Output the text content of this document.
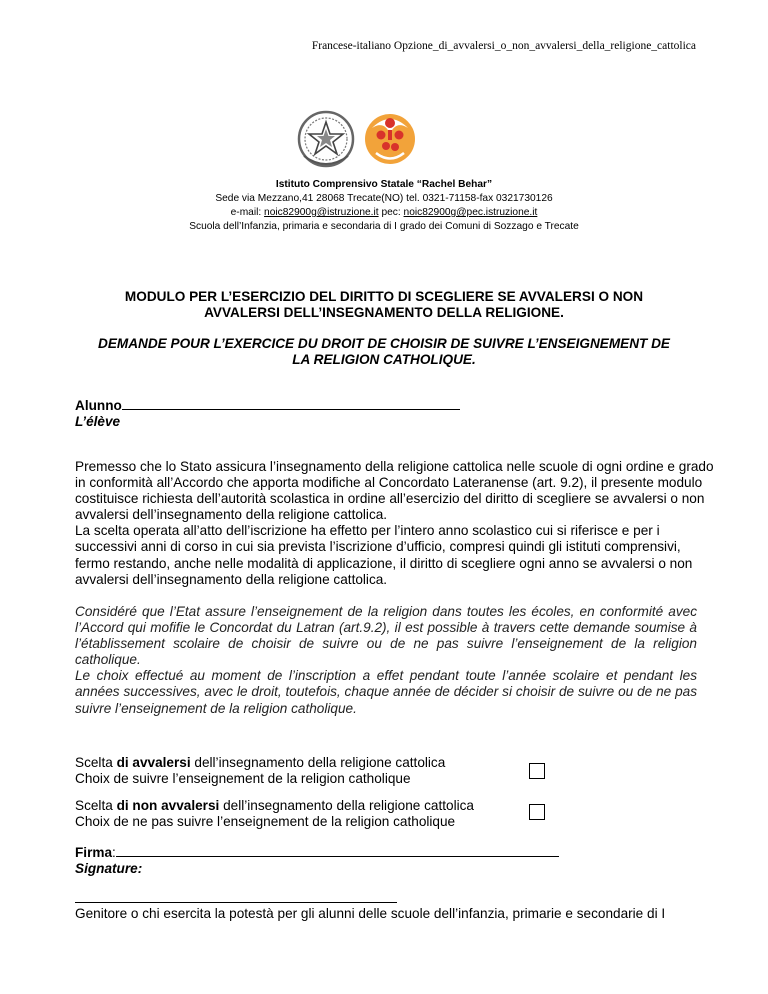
Francese-italiano Opzione_di_avvalersi_o_non_avvalersi_della_religione_cattolica
Istituto Comprensivo Statale “Rachel Behar”
Sede via Mezzano,41 28068 Trecate(NO) tel. 0321-71158-fax 0321730126
e-mail: noic82900g@istruzione.it pec: noic82900g@pec.istruzione.it
Scuola dell’Infanzia, primaria e secondaria di I grado dei Comuni di Sozzago e Trecate
MODULO PER L’ESERCIZIO DEL DIRITTO DI SCEGLIERE SE AVVALERSI O NON
AVVALERSI DELL’INSEGNAMENTO DELLA RELIGIONE.
DEMANDE POUR L’EXERCICE DU DROIT DE CHOISIR DE SUIVRE L’ENSEIGNEMENT DE
LA RELIGION CATHOLIQUE.
Alunno
L’élève

Premesso che lo Stato assicura l’insegnamento della religione cattolica nelle scuole di ogni ordine e grado in conformità all’Accordo che apporta modifiche al Concordato Lateranense (art. 9.2), il presente modulo costituisce richiesta dell’autorità scolastica in ordine all’esercizio del diritto di scegliere se avvalersi o non avvalersi dell’insegnamento della religione cattolica.

La scelta operata all’atto dell’iscrizione ha effetto per l’intero anno scolastico cui si riferisce e per i successivi anni di corso in cui sia prevista l’iscrizione d’ufficio, compresi quindi gli istituti comprensivi, fermo restando, anche nelle modalità di applicazione, il diritto di scegliere ogni anno se avvalersi o non avvalersi dell’insegnamento della religione cattolica.

Considéré que l’Etat assure l’enseignement de la religion dans toutes les écoles, en conformité avec l’Accord qui mofifie le Concordat du Latran (art.9.2), il est possible à travers cette demande soumise à l’établissement scolaire de choisir de suivre ou de ne pas suivre l’enseignement de la religion catholique.

Le choix effectué au moment de l’inscription a effet pendant toute l’année scolaire et pendant les années successives, avec le droit, toutefois, chaque année de décider si choisir de suivre ou de ne pas suivre l’enseignement de la religion catholique.

Scelta di avvalersi dell’insegnamento della religione cattolica
Choix de suivre l’enseignement de la religion catholique
Scelta di non avvalersi dell’insegnamento della religione cattolica
Choix de ne pas suivre l’enseignement de la religion catholique
Firma:
Signature:
Genitore o chi esercita la potestà per gli alunni delle scuole dell’infanzia, primarie e secondarie di I
